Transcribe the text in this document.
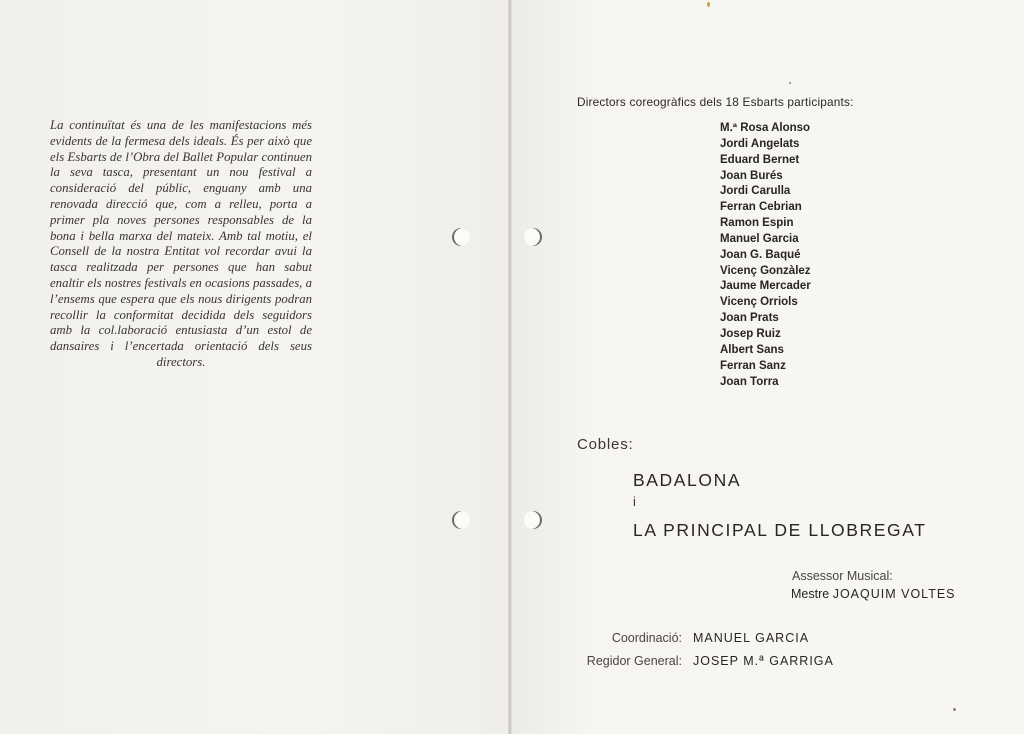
La continuïtat és una de les manifestacions més evidents de la fermesa dels ideals. És per això que els Esbarts de l’Obra del Ballet Popular continuen la seva tasca, presentant un nou festival a consideració del públic, enguany amb una renovada direcció que, com a relleu, porta a primer pla noves persones responsables de la bona i bella marxa del mateix. Amb tal motiu, el Consell de la nostra Entitat vol recordar avui la tasca realitzada per persones que han sabut enaltir els nostres festivals en ocasions passades, a l’ensems que espera que els nous dirigents podran recollir la conformitat decidida dels seguidors amb la col.laboració entusiasta d’un estol de dansaires i l’encertada orientació dels seus directors.
Directors coreogràfics dels 18 Esbarts participants:
M.ª Rosa Alonso
Jordi Angelats
Eduard Bernet
Joan Burés
Jordi Carulla
Ferran Cebrian
Ramon Espin
Manuel Garcia
Joan G. Baqué
Vicenç Gonzàlez
Jaume Mercader
Vicenç Orriols
Joan Prats
Josep Ruiz
Albert Sans
Ferran Sanz
Joan Torra
Cobles:
BADALONA
i
LA PRINCIPAL DE LLOBREGAT
Assessor Musical:
Mestre JOAQUIM VOLTES
Coordinació: MANUEL GARCIA
Regidor General: JOSEP M.ª GARRIGA
